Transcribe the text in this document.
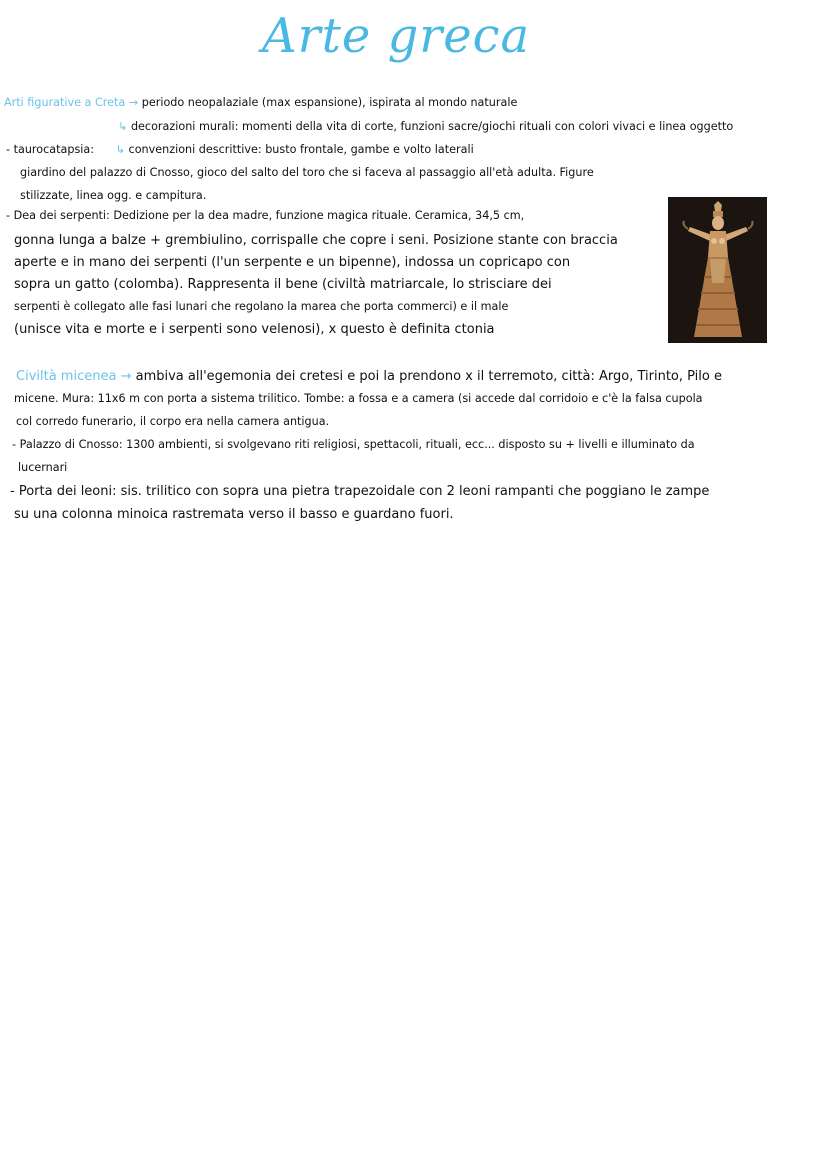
Arte greca
Arti figurative a Creta → periodo neopalaziale (max espansione), ispirata al mondo naturale
↳ decorazioni murali: momenti della vita di corte, funzioni sacre/giochi rituali con colori vivaci e linea oggetto
- taurocatapsia: ↳ convenzioni descrittive: busto frontale, gambe e volto laterali
giardino del palazzo di Cnosso, gioco del salto del toro che si faceva al passaggio all'età adulta. Figure
stilizzate, linea ogg. e campitura.
- Dea dei serpenti: Dedizione per la dea madre, funzione magica rituale. Ceramica, 34,5 cm,
gonna lunga a balze + grembiulino, corrispalle che copre i seni. Posizione stante con braccia
aperte e in mano dei serpenti (l'un serpente e un bipenne), indossa un copricapo con
sopra un gatto (colomba). Rappresenta il bene (civiltà matriarcale, lo strisciare dei
serpenti è collegato alle fasi lunari che regolano la marea che porta commerci) e il male
(unisce vita e morte e i serpenti sono velenosi), x questo è definita ctonia
Civiltà micenea → ambiva all'egemonia dei cretesi e poi la prendono x il terremoto, città: Argo, Tirinto, Pilo e
micene. Mura: 11x6 m con porta a sistema trilitico. Tombe: a fossa e a camera (si accede dal corridoio e c'è la falsa cupola
col corredo funerario, il corpo era nella camera antigua.
- Palazzo di Cnosso: 1300 ambienti, si svolgevano riti religiosi, spettacoli, rituali, ecc... disposto su + livelli e illuminato da
lucernari
- Porta dei leoni: sis. trilitico con sopra una pietra trapezoidale con 2 leoni rampanti che poggiano le zampe
su una colonna minoica rastremata verso il basso e guardano fuori.
